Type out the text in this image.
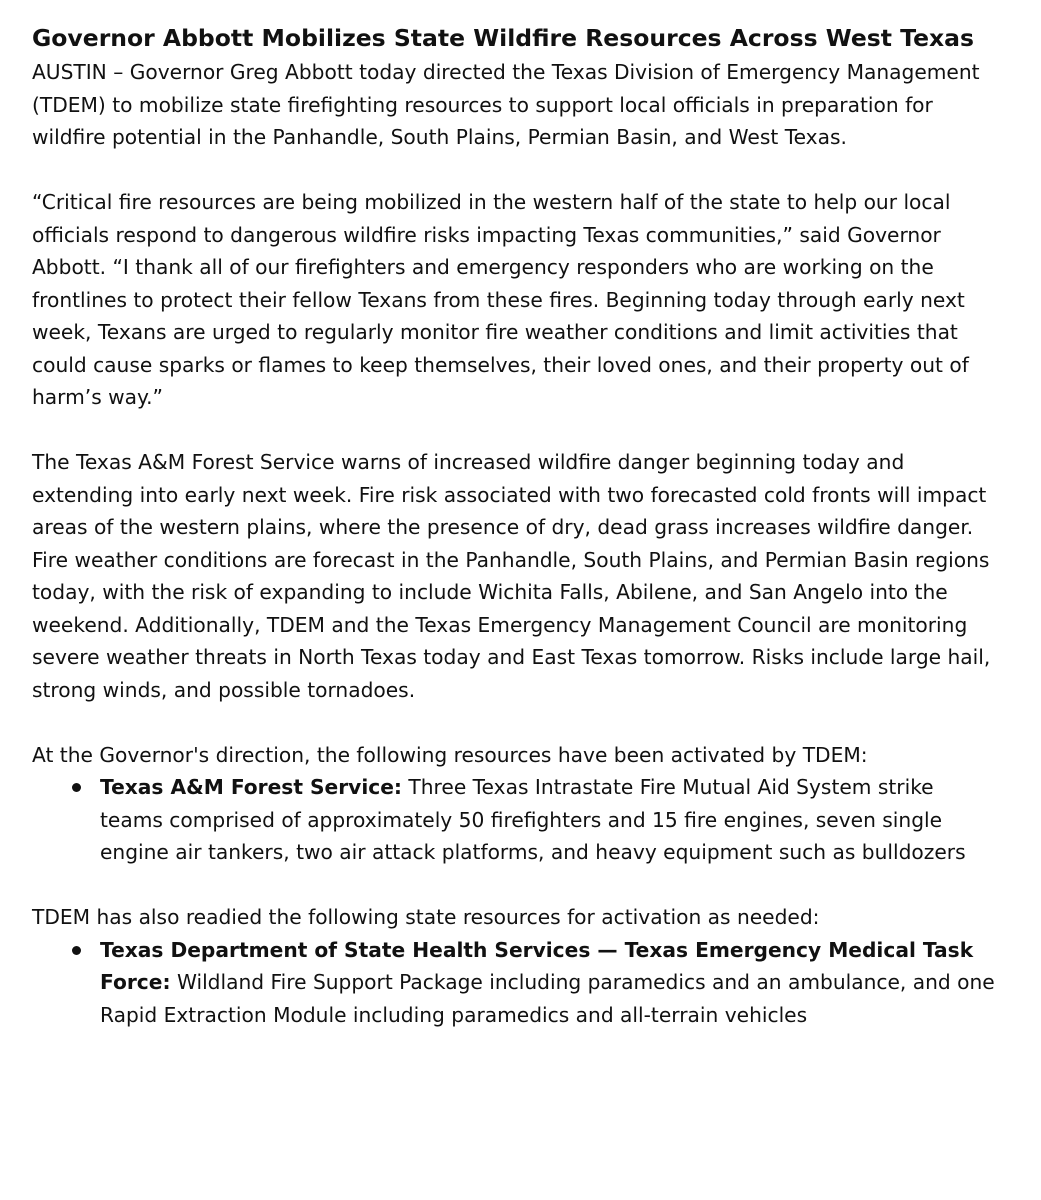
Governor Abbott Mobilizes State Wildfire Resources Across West Texas

AUSTIN – Governor Greg Abbott today directed the Texas Division of Emergency Management (TDEM) to mobilize state firefighting resources to support local officials in preparation for wildfire potential in the Panhandle, South Plains, Permian Basin, and West Texas.

“Critical fire resources are being mobilized in the western half of the state to help our local officials respond to dangerous wildfire risks impacting Texas communities,” said Governor Abbott. “I thank all of our firefighters and emergency responders who are working on the frontlines to protect their fellow Texans from these fires. Beginning today through early next week, Texans are urged to regularly monitor fire weather conditions and limit activities that could cause sparks or flames to keep themselves, their loved ones, and their property out of harm’s way.”

The Texas A&M Forest Service warns of increased wildfire danger beginning today and extending into early next week. Fire risk associated with two forecasted cold fronts will impact areas of the western plains, where the presence of dry, dead grass increases wildfire danger. Fire weather conditions are forecast in the Panhandle, South Plains, and Permian Basin regions today, with the risk of expanding to include Wichita Falls, Abilene, and San Angelo into the weekend. Additionally, TDEM and the Texas Emergency Management Council are monitoring severe weather threats in North Texas today and East Texas tomorrow. Risks include large hail, strong winds, and possible tornadoes.

At the Governor's direction, the following resources have been activated by TDEM:

Texas A&M Forest Service: Three Texas Intrastate Fire Mutual Aid System strike teams comprised of approximately 50 firefighters and 15 fire engines, seven single engine air tankers, two air attack platforms, and heavy equipment such as bulldozers

TDEM has also readied the following state resources for activation as needed:

Texas Department of State Health Services — Texas Emergency Medical Task Force: Wildland Fire Support Package including paramedics and an ambulance, and one Rapid Extraction Module including paramedics and all-terrain vehicles
